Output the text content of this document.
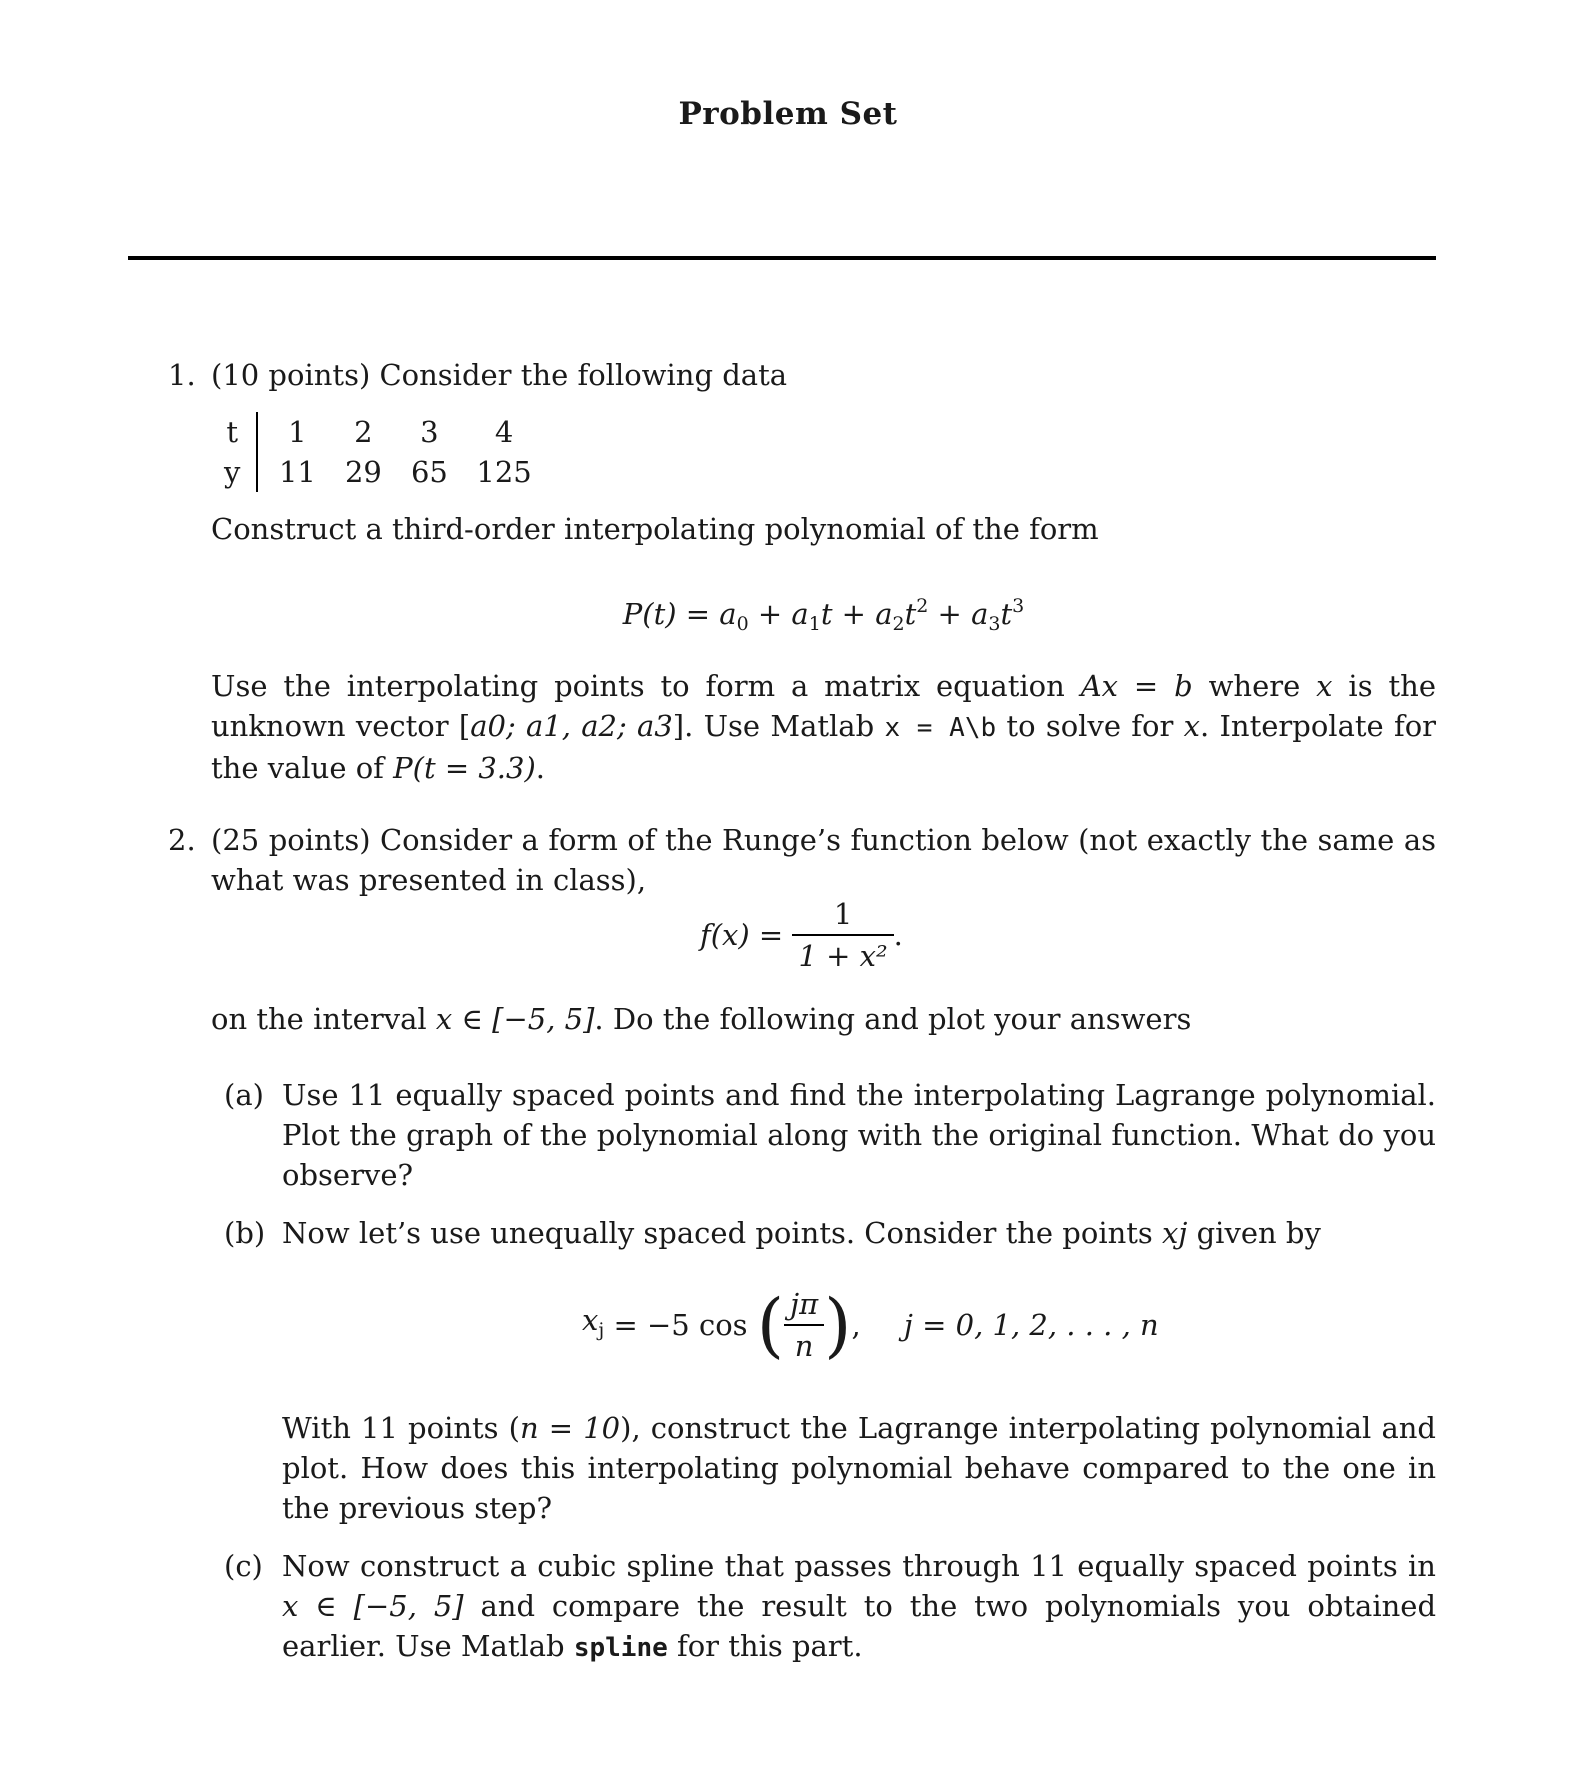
Problem Set
1. (10 points) Consider the following data
t	1	2	3	4
y	11	29	65	125
Construct a third-order interpolating polynomial of the form
$P(t) = a_0 + a_1t + a_2t^2 + a_3t^3$
Use the interpolating points to form a matrix equation Ax = b where x is the unknown vector [a0; a1, a2; a3]. Use Matlab x = A\b to solve for x. Interpolate for the value of P(t = 3.3).
2. (25 points) Consider a form of the Runge’s function below (not exactly the same as what was presented in class),
$f(x) = \frac{1}{\text{1 + x²}}$ .
on the interval x ∈ [−5, 5]. Do the following and plot your answers
(a) Use 11 equally spaced points and find the interpolating Lagrange polynomial. Plot the graph of the polynomial along with the original function. What do you observe?
(b) Now let’s use unequally spaced points. Consider the points xj given by
$x_j = -5$ cos ( $\frac{j\pi}{n}$ ), j = 0, 1, 2, . . . , n
With 11 points (n = 10), construct the Lagrange interpolating polynomial and plot. How does this interpolating polynomial behave compared to the one in the previous step?
(c) Now construct a cubic spline that passes through 11 equally spaced points in x ∈ [−5, 5] and compare the result to the two polynomials you obtained earlier. Use Matlab spline for this part.
